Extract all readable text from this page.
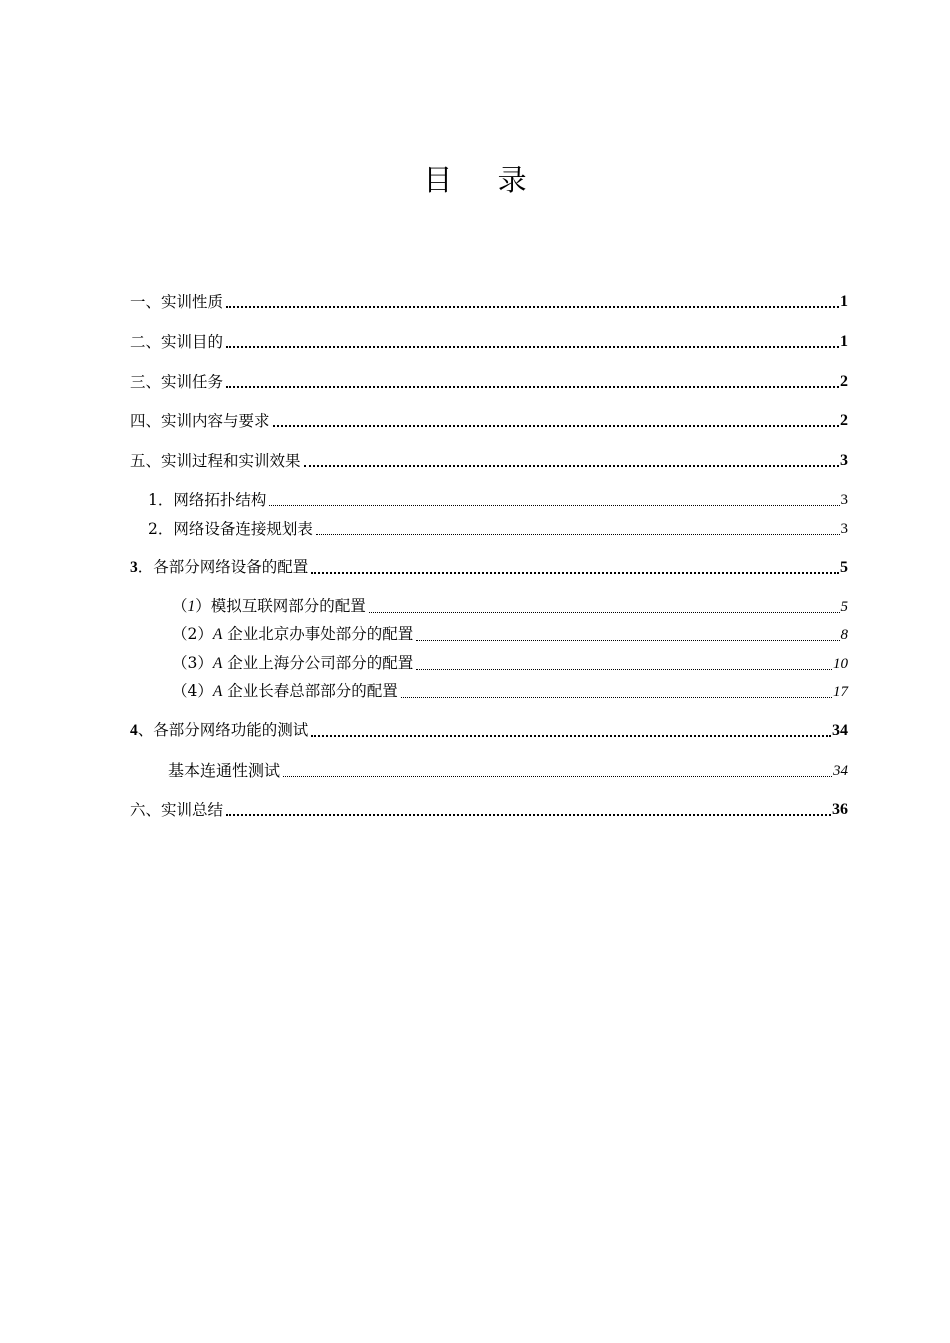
目 录
一、实训性质	1
二、实训目的	1
三、实训任务	2
四、实训内容与要求	2
五、实训过程和实训效果	3
1．网络拓扑结构	3
2．网络设备连接规划表	3
3．各部分网络设备的配置	5
（1）模拟互联网部分的配置	5
（2）A 企业北京办事处部分的配置	8
（3）A 企业上海分公司部分的配置	10
（4）A 企业长春总部部分的配置	17
4、各部分网络功能的测试	34
基本连通性测试	34
六、实训总结	36
